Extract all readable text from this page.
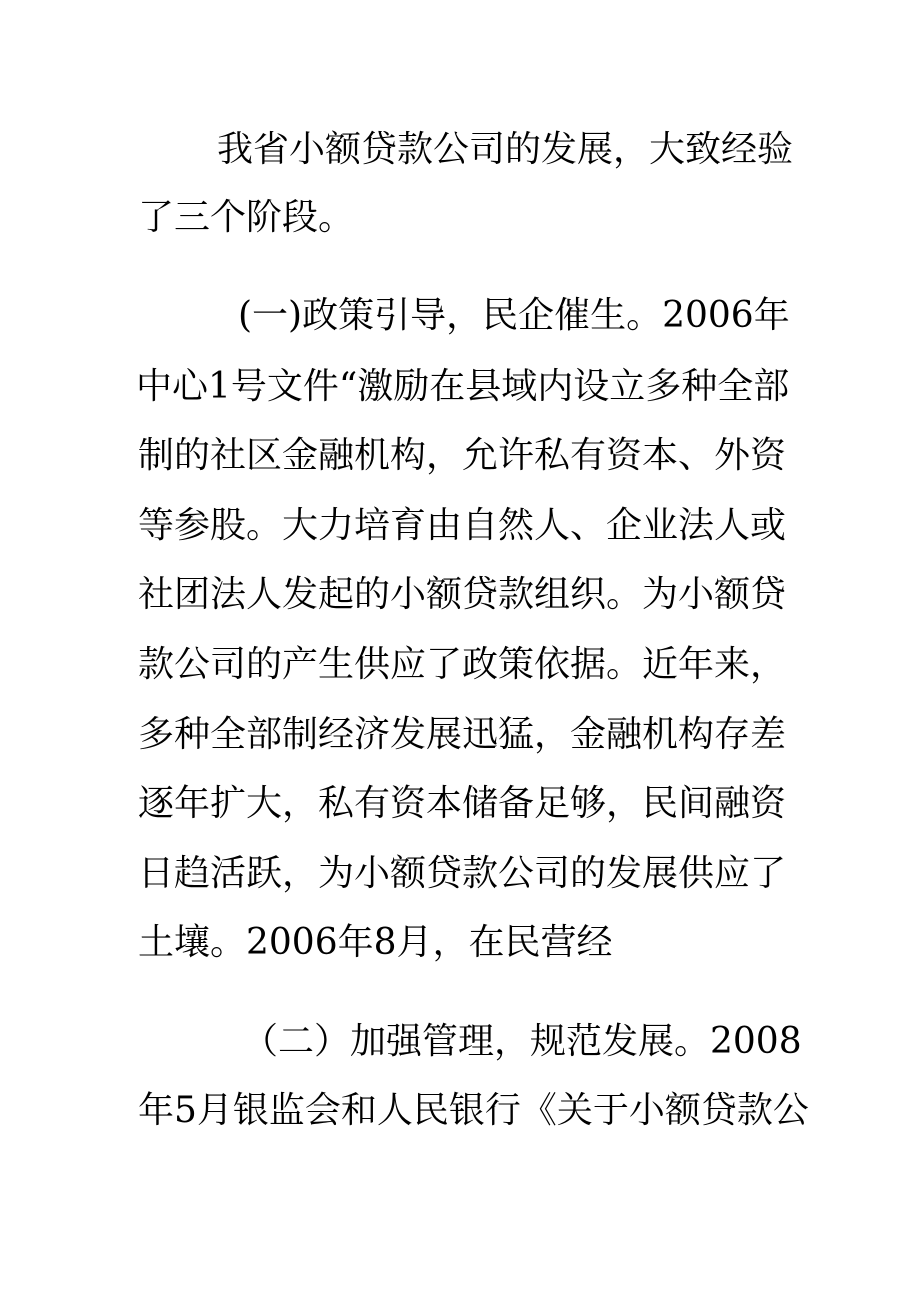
我省小额贷款公司的发展，大致经验
了三个阶段。
(一)政策引导，民企催生。2006年
中心1号文件“激励在县域内设立多种全部
制的社区金融机构，允许私有资本、外资
等参股。大力培育由自然人、企业法人或
社团法人发起的小额贷款组织。为小额贷
款公司的产生供应了政策依据。近年来，
多种全部制经济发展迅猛，金融机构存差
逐年扩大，私有资本储备足够，民间融资
日趋活跃，为小额贷款公司的发展供应了
土壤。2006年8月，在民营经
（二）加强管理，规范发展。2008
年5月银监会和人民银行《关于小额贷款公
